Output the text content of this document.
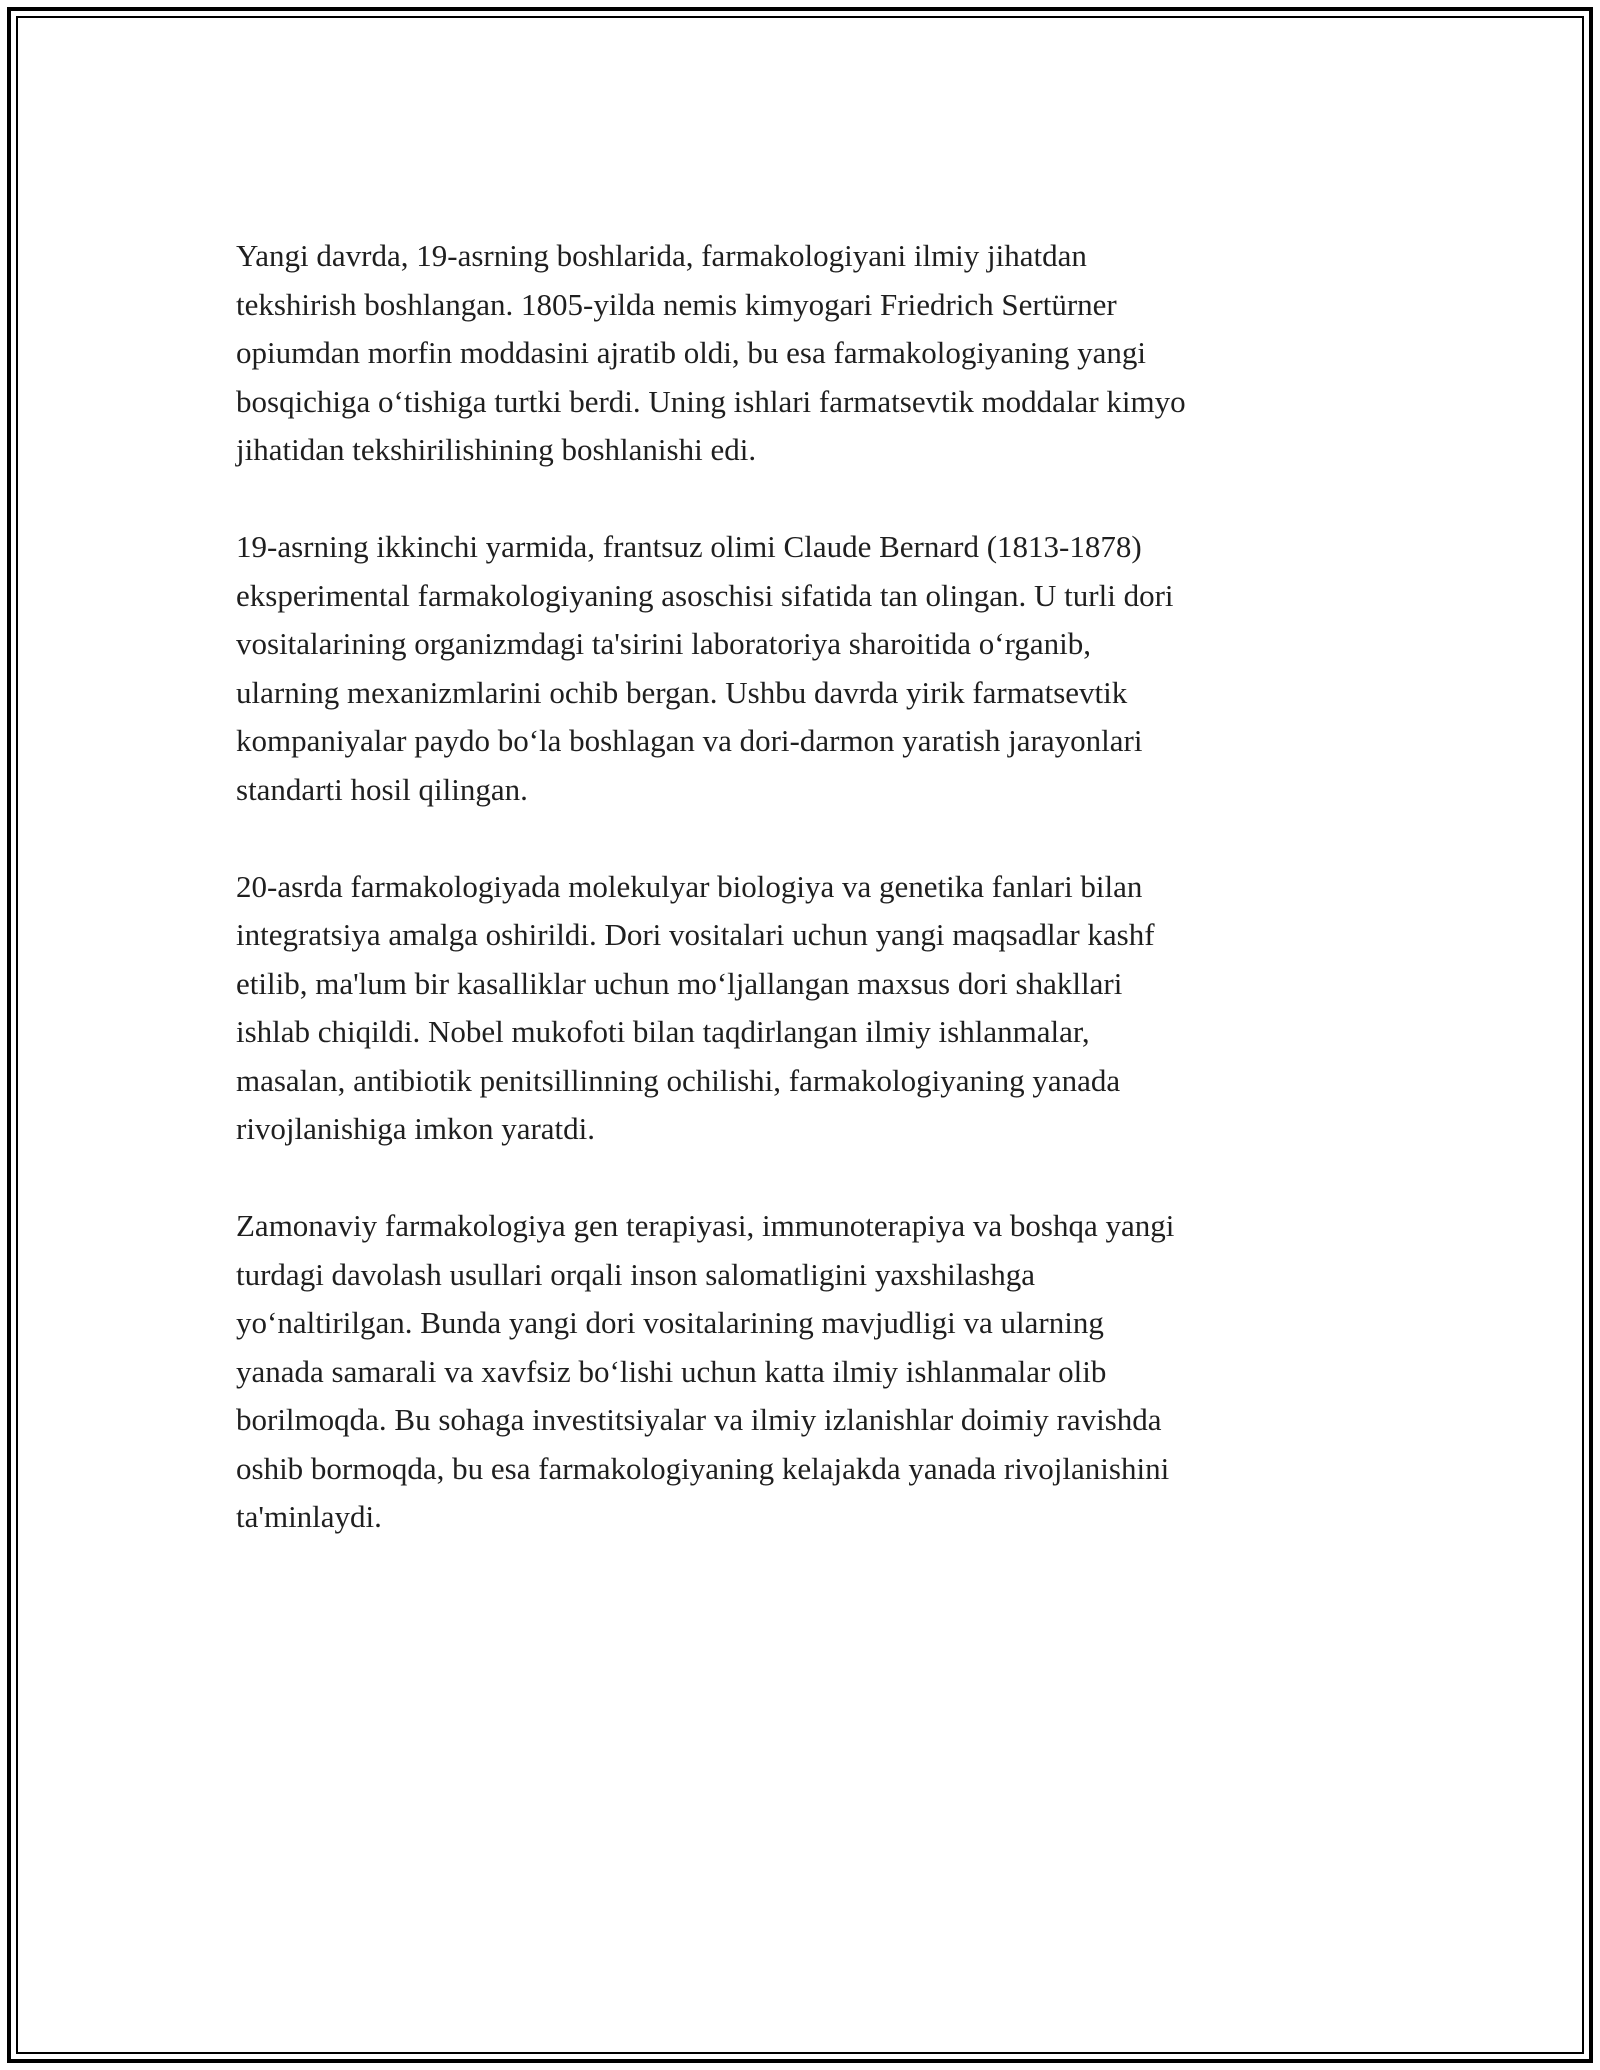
Yangi davrda, 19-asrning boshlarida, farmakologiyani ilmiy jihatdan
tekshirish boshlangan. 1805-yilda nemis kimyogari Friedrich Sertürner
opiumdan morfin moddasini ajratib oldi, bu esa farmakologiyaning yangi
bosqichiga o‘tishiga turtki berdi. Uning ishlari farmatsevtik moddalar kimyo
jihatidan tekshirilishining boshlanishi edi.

19-asrning ikkinchi yarmida, frantsuz olimi Claude Bernard (1813-1878)
eksperimental farmakologiyaning asoschisi sifatida tan olingan. U turli dori
vositalarining organizmdagi ta'sirini laboratoriya sharoitida o‘rganib,
ularning mexanizmlarini ochib bergan. Ushbu davrda yirik farmatsevtik
kompaniyalar paydo bo‘la boshlagan va dori-darmon yaratish jarayonlari
standarti hosil qilingan.

20-asrda farmakologiyada molekulyar biologiya va genetika fanlari bilan
integratsiya amalga oshirildi. Dori vositalari uchun yangi maqsadlar kashf
etilib, ma'lum bir kasalliklar uchun mo‘ljallangan maxsus dori shakllari
ishlab chiqildi. Nobel mukofoti bilan taqdirlangan ilmiy ishlanmalar,
masalan, antibiotik penitsillinning ochilishi, farmakologiyaning yanada
rivojlanishiga imkon yaratdi.

Zamonaviy farmakologiya gen terapiyasi, immunoterapiya va boshqa yangi
turdagi davolash usullari orqali inson salomatligini yaxshilashga
yo‘naltirilgan. Bunda yangi dori vositalarining mavjudligi va ularning
yanada samarali va xavfsiz bo‘lishi uchun katta ilmiy ishlanmalar olib
borilmoqda. Bu sohaga investitsiyalar va ilmiy izlanishlar doimiy ravishda
oshib bormoqda, bu esa farmakologiyaning kelajakda yanada rivojlanishini
ta'minlaydi.
